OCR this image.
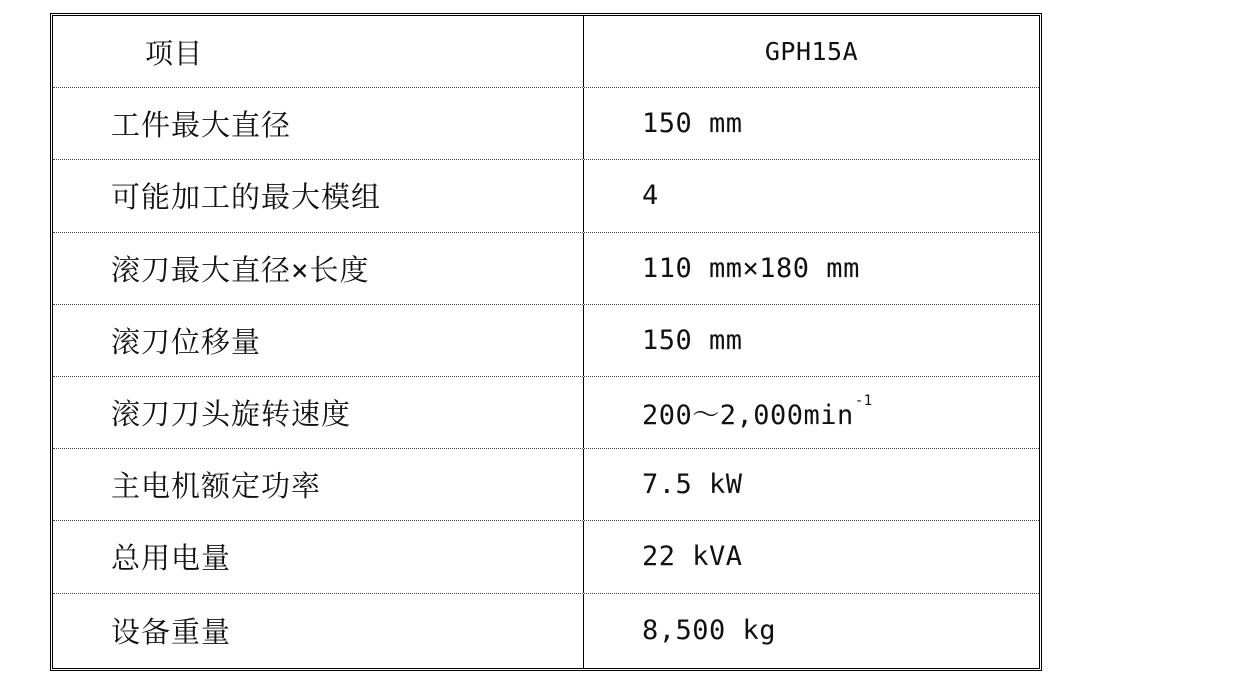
项目	GPH15A
工件最大直径	150 mm
可能加工的最大模组	4
滚刀最大直径×长度	110 mm×180 mm
滚刀位移量	150 mm
滚刀刀头旋转速度	200～2,000min -1
主电机额定功率	7.5 kW
总用电量	22 kVA
设备重量	8,500 kg
